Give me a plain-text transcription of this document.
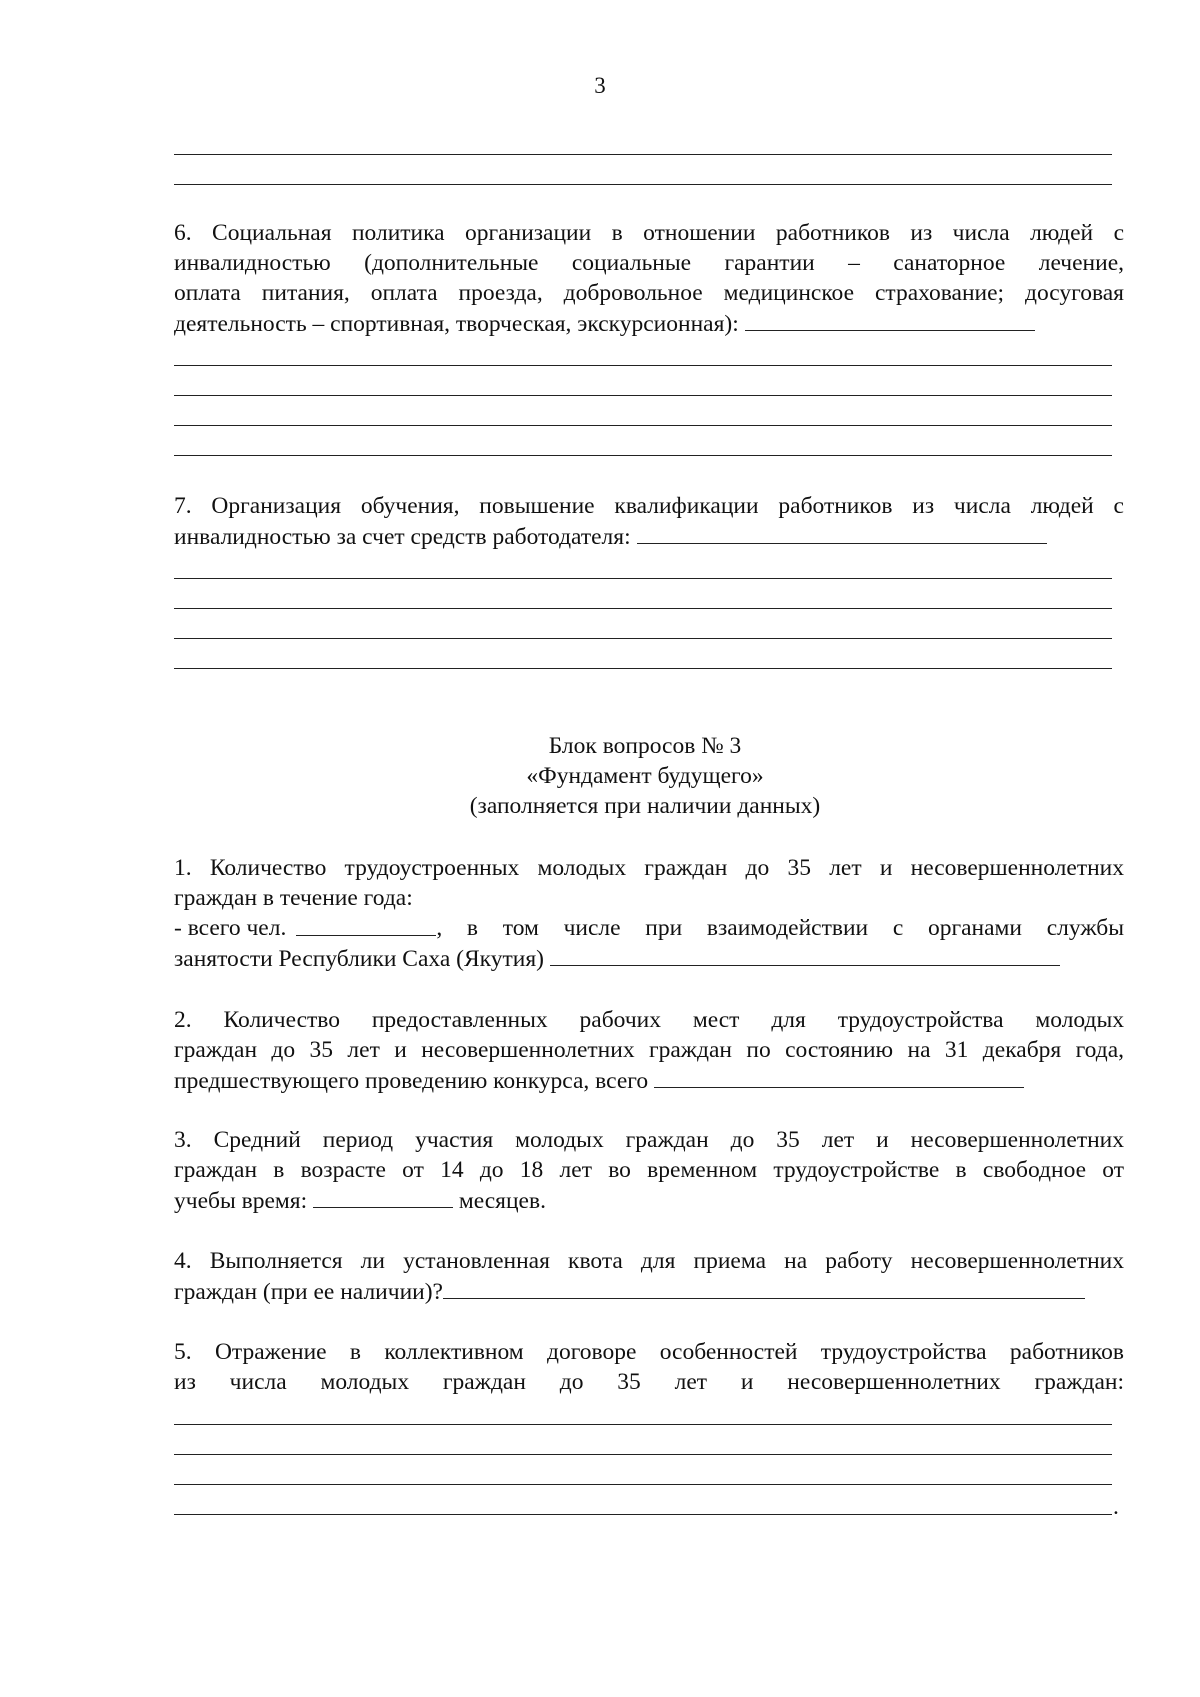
3
6. Социальная политика организации в отношении работников из числа людей с
инвалидностью (дополнительные социальные гарантии – санаторное лечение,
оплата питания, оплата проезда, добровольное медицинское страхование; досуговая
деятельность – спортивная, творческая, экскурсионная):
7. Организация обучения, повышение квалификации работников из числа людей с
инвалидностью за счет средств работодателя:
Блок вопросов № 3
«Фундамент будущего»
(заполняется при наличии данных)
1. Количество трудоустроенных молодых граждан до 35 лет и несовершеннолетних
граждан в течение года:
- всего чел.	, в том числе при взаимодействии с органами службы
занятости Республики Саха (Якутия)
2. Количество предоставленных рабочих мест для трудоустройства молодых
граждан до 35 лет и несовершеннолетних граждан по состоянию на 31 декабря года,
предшествующего проведению конкурса, всего
3. Средний период участия молодых граждан до 35 лет и несовершеннолетних
граждан в возрасте от 14 до 18 лет во временном трудоустройстве в свободное от
учебы время:	месяцев.
4. Выполняется ли установленная квота для приема на работу несовершеннолетних
граждан (при ее наличии)?
5. Отражение в коллективном договоре особенностей трудоустройства работников
из числа молодых граждан до 35 лет и несовершеннолетних граждан:
.
